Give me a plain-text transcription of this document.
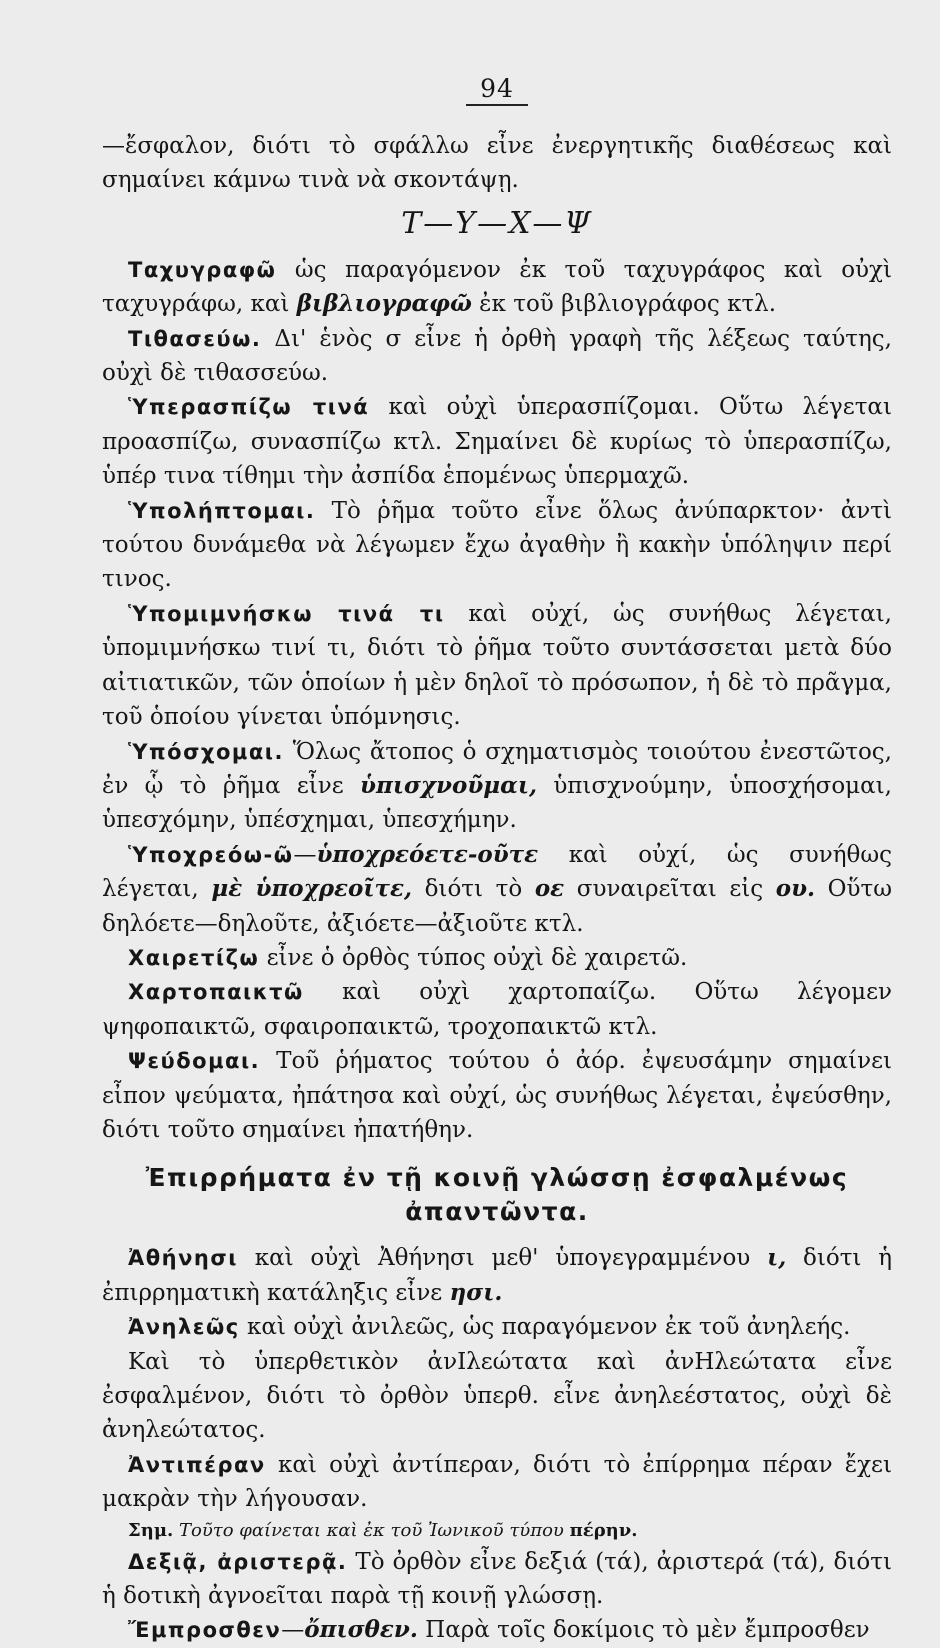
94

—ἔσφαλον, διότι τὸ σφάλλω εἶνε ἐνεργητικῆς διαθέσεως καὶ σημαίνει κάμνω τινὰ νὰ σκοντάψῃ.

Τ—Υ—Χ—Ψ

Ταχυγραφῶ ὡς παραγόμενον ἐκ τοῦ ταχυγράφος καὶ οὐχὶ ταχυγράφω, καὶ βιβλιογραφῶ ἐκ τοῦ βιβλιογράφος κτλ.

Τιθασεύω. Δι' ἑνὸς σ εἶνε ἡ ὀρθὴ γραφὴ τῆς λέξεως ταύτης, οὐχὶ δὲ τιθασσεύω.

Ὑπερασπίζω τινά καὶ οὐχὶ ὑπερασπίζομαι. Οὕτω λέγεται προασπίζω, συνασπίζω κτλ. Σημαίνει δὲ κυρίως τὸ ὑπερασπίζω, ὑπέρ τινα τίθημι τὴν ἀσπίδα ἑπομένως ὑπερμαχῶ.

Ὑπολήπτομαι. Τὸ ῥῆμα τοῦτο εἶνε ὅλως ἀνύπαρκτον· ἀντὶ τούτου δυνάμεθα νὰ λέγωμεν ἔχω ἀγαθὴν ἢ κακὴν ὑπόληψιν περί τινος.

Ὑπομιμνήσκω τινά τι καὶ οὐχί, ὡς συνήθως λέγεται, ὑπομιμνήσκω τινί τι, διότι τὸ ῥῆμα τοῦτο συντάσσεται μετὰ δύο αἰτιατικῶν, τῶν ὁποίων ἡ μὲν δηλοῖ τὸ πρόσωπον, ἡ δὲ τὸ πρᾶγμα, τοῦ ὁποίου γίνεται ὑπόμνησις.

Ὑπόσχομαι. Ὅλως ἄτοπος ὁ σχηματισμὸς τοιούτου ἐνεστῶτος, ἐν ᾧ τὸ ῥῆμα εἶνε ὑπισχνοῦμαι, ὑπισχνούμην, ὑποσχήσομαι, ὑπεσχόμην, ὑπέσχημαι, ὑπεσχήμην.

Ὑποχρεόω-ῶ—ὑποχρεόετε-οῦτε καὶ οὐχί, ὡς συνήθως λέγεται, μὲ ὑποχρεοῖτε, διότι τὸ οε συναιρεῖται εἰς ου. Οὕτω δηλόετε—δηλοῦτε, ἀξιόετε—ἀξιοῦτε κτλ.

Χαιρετίζω εἶνε ὁ ὀρθὸς τύπος οὐχὶ δὲ χαιρετῶ.

Χαρτοπαικτῶ καὶ οὐχὶ χαρτοπαίζω. Οὕτω λέγομεν ψηφοπαικτῶ, σφαιροπαικτῶ, τροχοπαικτῶ κτλ.

Ψεύδομαι. Τοῦ ῥήματος τούτου ὁ ἀόρ. ἐψευσάμην σημαίνει εἶπον ψεύματα, ἠπάτησα καὶ οὐχί, ὡς συνήθως λέγεται, ἐψεύσθην, διότι τοῦτο σημαίνει ἠπατήθην.

Ἐπιρρήματα ἐν τῇ κοινῇ γλώσσῃ ἐσφαλμένως
ἀπαντῶντα.

Ἀθήνησι καὶ οὐχὶ Ἀθήνησι μεθ' ὑπογεγραμμένου ι, διότι ἡ ἐπιρρηματικὴ κατάληξις εἶνε ησι.

Ἀνηλεῶς καὶ οὐχὶ ἀνιλεῶς, ὡς παραγόμενον ἐκ τοῦ ἀνηλεής.

Καὶ τὸ ὑπερθετικὸν ἀνΙλεώτατα καὶ ἀνΗλεώτατα εἶνε ἐσφαλμένον, διότι τὸ ὀρθὸν ὑπερθ. εἶνε ἀνηλεέστατος, οὐχὶ δὲ ἀνηλεώτατος.

Ἀντιπέραν καὶ οὐχὶ ἀντίπεραν, διότι τὸ ἐπίρρημα πέραν ἔχει μακρὰν τὴν λήγουσαν.

Σημ. Τοῦτο φαίνεται καὶ ἐκ τοῦ Ἰωνικοῦ τύπου πέρην.

Δεξιᾷ, ἀριστερᾷ. Τὸ ὀρθὸν εἶνε δεξιά (τά), ἀριστερά (τά), διότι ἡ δοτικὴ ἀγνοεῖται παρὰ τῇ κοινῇ γλώσσῃ.

Ἔμπροσθεν—ὄπισθεν. Παρὰ τοῖς δοκίμοις τὸ μὲν ἔμπροσθεν
